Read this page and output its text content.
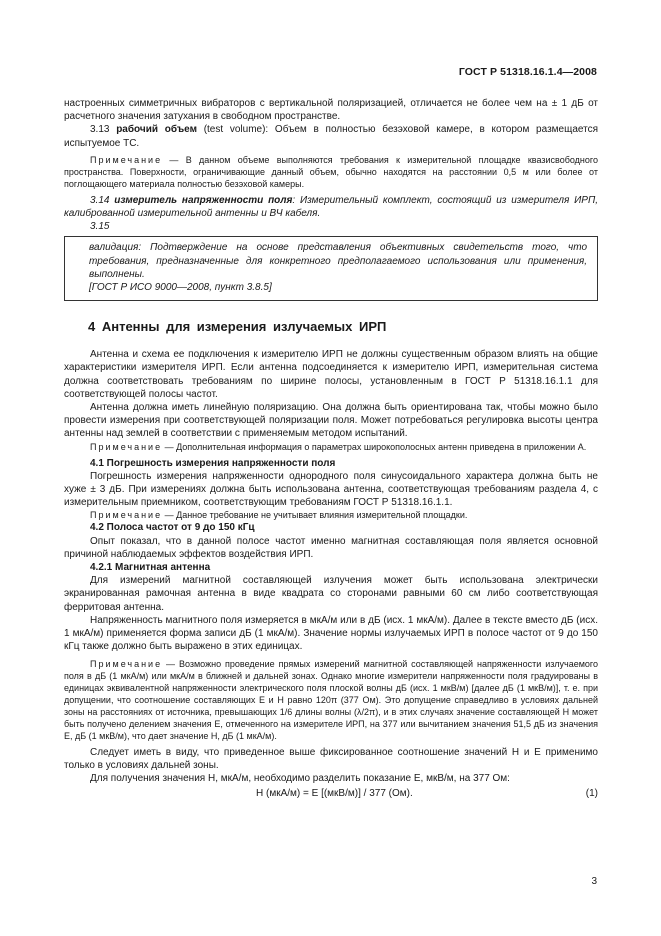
ГОСТ Р 51318.16.1.4—2008

настроенных симметричных вибраторов с вертикальной поляризацией, отличается не более чем на ± 1 дБ от расчетного значения затухания в свободном пространстве.

3.13 рабочий объем (test volume): Объем в полностью безэховой камере, в котором размещается испытуемое ТС.

Примечание — В данном объеме выполняются требования к измерительной площадке квазисвободного пространства. Поверхности, ограничивающие данный объем, обычно находятся на расстоянии 0,5 м или более от поглощающего материала полностью безэховой камеры.

3.14 измеритель напряженности поля: Измерительный комплект, состоящий из измерителя ИРП, калиброванной измерительной антенны и ВЧ кабеля.

3.15

валидация: Подтверждение на основе представления объективных свидетельств того, что требования, предназначенные для конкретного предполагаемого использования или применения, выполнены.

[ГОСТ Р ИСО 9000—2008, пункт 3.8.5]

4 Антенны для измерения излучаемых ИРП

Антенна и схема ее подключения к измерителю ИРП не должны существенным образом влиять на общие характеристики измерителя ИРП. Если антенна подсоединяется к измерителю ИРП, измерительная система должна соответствовать требованиям по ширине полосы, установленным в ГОСТ Р 51318.16.1.1 для соответствующей полосы частот.

Антенна должна иметь линейную поляризацию. Она должна быть ориентирована так, чтобы можно было провести измерения при соответствующей поляризации поля. Может потребоваться регулировка высоты центра антенны над землей в соответствии с применяемым методом испытаний.

Примечание — Дополнительная информация о параметрах широкополосных антенн приведена в приложении А.

4.1 Погрешность измерения напряженности поля

Погрешность измерения напряженности однородного поля синусоидального характера должна быть не хуже ± 3 дБ. При измерениях должна быть использована антенна, соответствующая требованиям раздела 4, с измерительным приемником, соответствующим требованиям ГОСТ Р 51318.16.1.1.

Примечание — Данное требование не учитывает влияния измерительной площадки.

4.2 Полоса частот от 9 до 150 кГц

Опыт показал, что в данной полосе частот именно магнитная составляющая поля является основной причиной наблюдаемых эффектов воздействия ИРП.

4.2.1 Магнитная антенна

Для измерений магнитной составляющей излучения может быть использована электрически экранированная рамочная антенна в виде квадрата со сторонами равными 60 см либо соответствующая ферритовая антенна.

Напряженность магнитного поля измеряется в мкА/м или в дБ (исх. 1 мкА/м). Далее в тексте вместо дБ (исх. 1 мкА/м) применяется форма записи дБ (1 мкА/м). Значение нормы излучаемых ИРП в полосе частот от 9 до 150 кГц также должно быть выражено в этих единицах.

Примечание — Возможно проведение прямых измерений магнитной составляющей напряженности излучаемого поля в дБ (1 мкА/м) или мкА/м в ближней и дальней зонах. Однако многие измерители напряженности поля градуированы в единицах эквивалентной напряженности электрического поля плоской волны дБ (исх. 1 мкВ/м) [далее дБ (1 мкВ/м)], т. е. при допущении, что соотношение составляющих E и H равно 120π (377 Ом). Это допущение справедливо в условиях дальней зоны на расстояниях от источника, превышающих 1/6 длины волны (λ/2π), и в этих случаях значение составляющей H может быть получено делением значения E, отмеченного на измерителе ИРП, на 377 или вычитанием значения 51,5 дБ из значения E, дБ (1 мкВ/м), что дает значение H, дБ (1 мкА/м).

Следует иметь в виду, что приведенное выше фиксированное соотношение значений H и E применимо только в условиях дальней зоны.

Для получения значения H, мкА/м, необходимо разделить показание E, мкВ/м, на 377 Ом:

H (мкА/м) = E [(мкВ/м)] / 377 (Ом).	(1)
3
